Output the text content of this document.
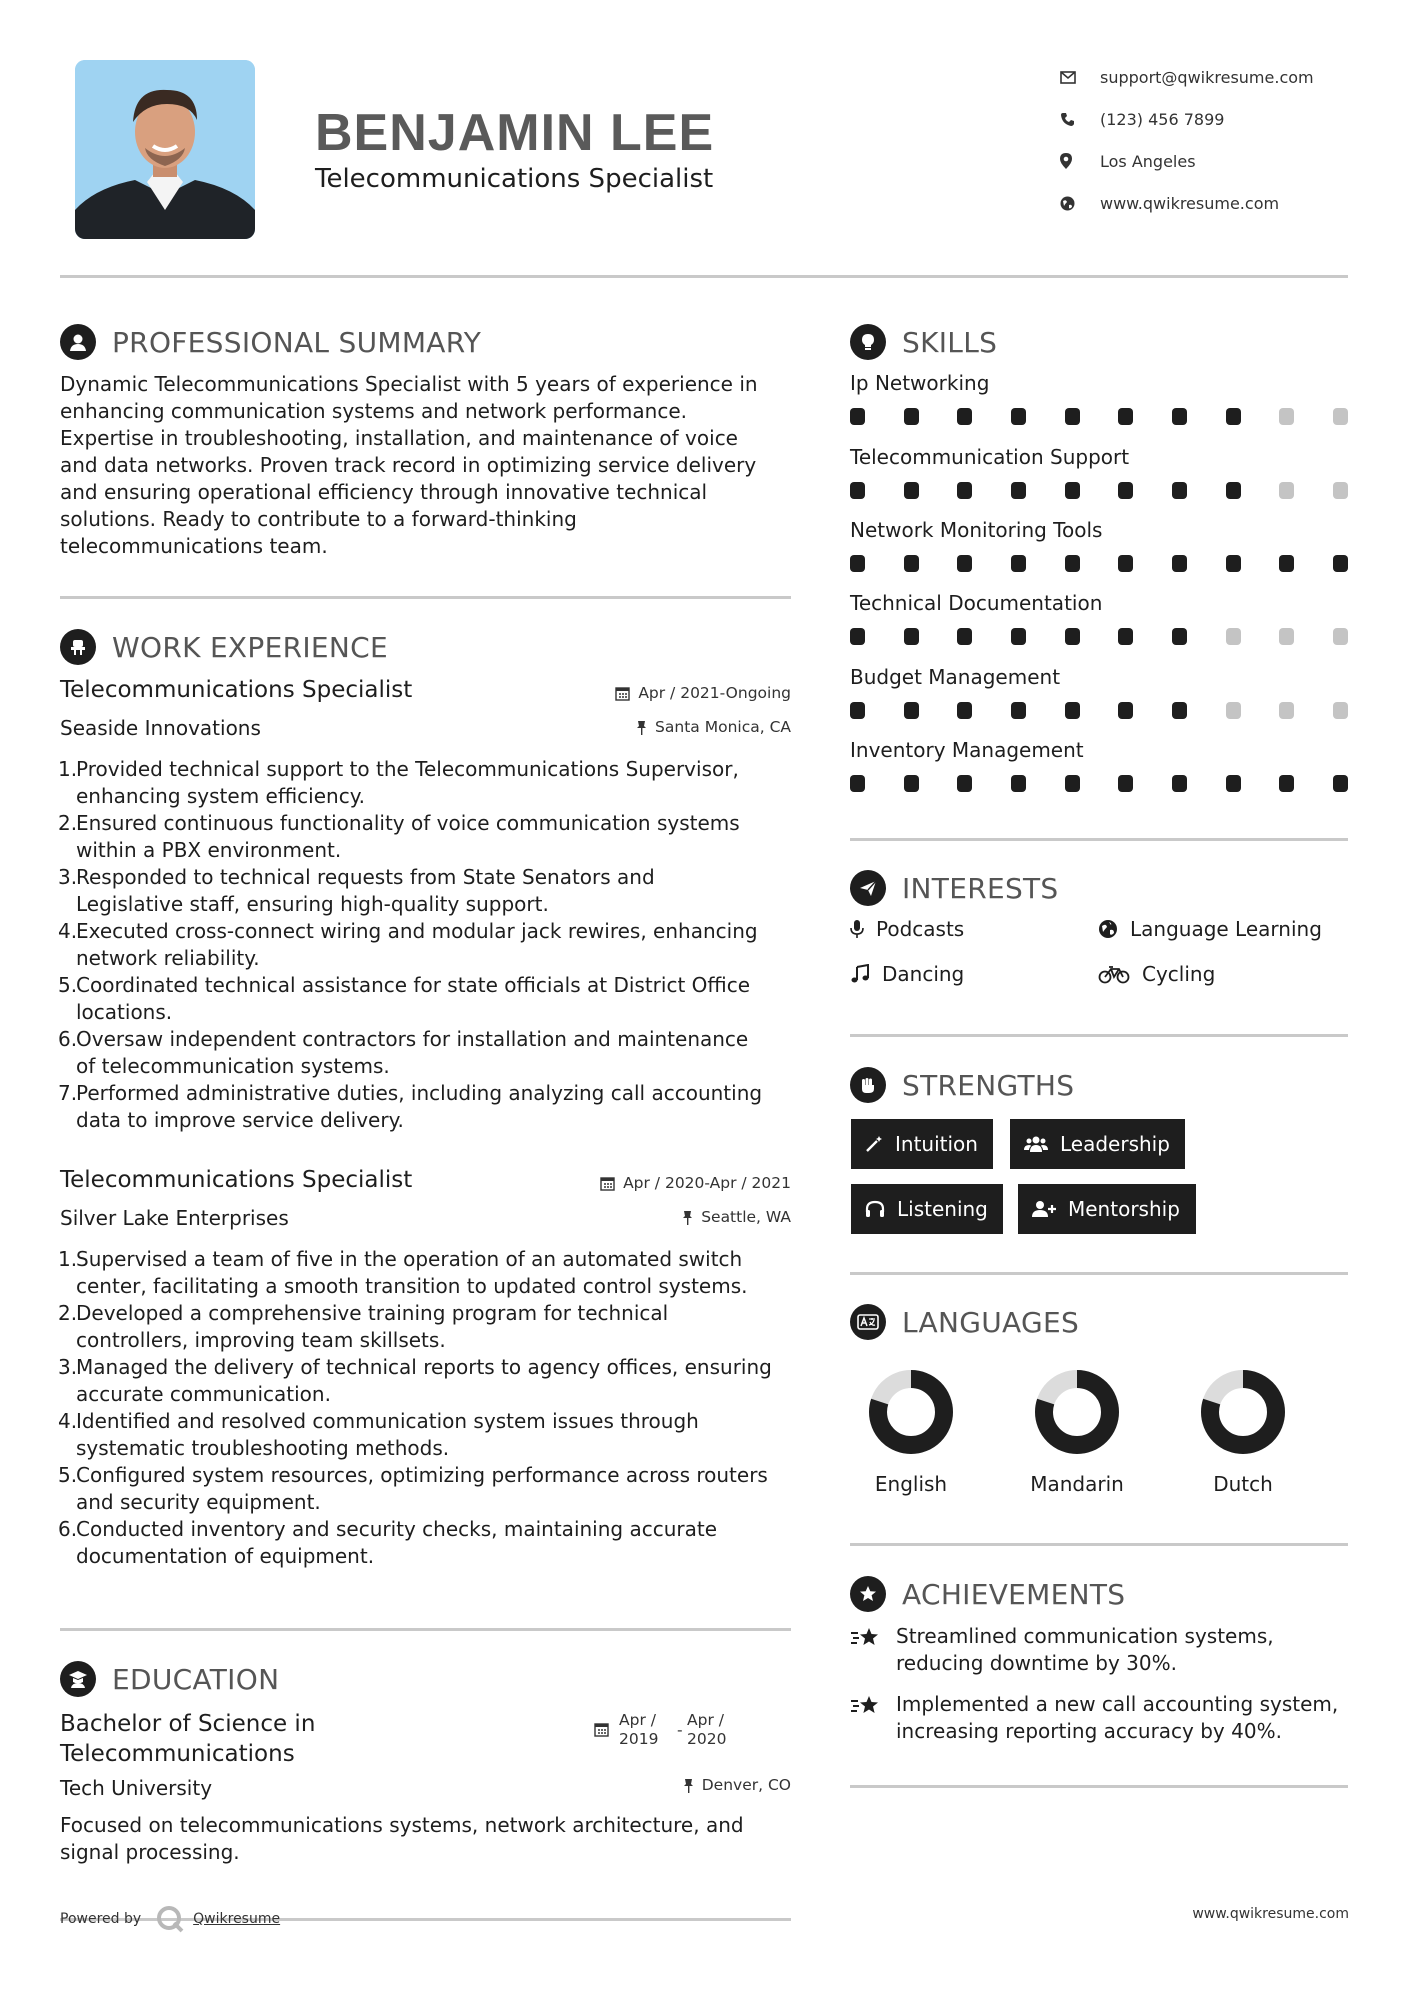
BENJAMIN LEE
Telecommunications Specialist
support@qwikresume.com
(123) 456 7899
Los Angeles
www.qwikresume.com
PROFESSIONAL SUMMARY
Dynamic Telecommunications Specialist with 5 years of experience in
enhancing communication systems and network performance.
Expertise in troubleshooting, installation, and maintenance of voice
and data networks. Proven track record in optimizing service delivery
and ensuring operational efficiency through innovative technical
solutions. Ready to contribute to a forward-thinking
telecommunications team.
WORK EXPERIENCE
Telecommunications Specialist	Apr / 2021-Ongoing
Seaside Innovations	Santa Monica, CA
1.
Provided technical support to the Telecommunications Supervisor,
enhancing system efficiency.
2.
Ensured continuous functionality of voice communication systems
within a PBX environment.
3.
Responded to technical requests from State Senators and
Legislative staff, ensuring high-quality support.
4.
Executed cross-connect wiring and modular jack rewires, enhancing
network reliability.
5.
Coordinated technical assistance for state officials at District Office
locations.
6.
Oversaw independent contractors for installation and maintenance
of telecommunication systems.
7.
Performed administrative duties, including analyzing call accounting
data to improve service delivery.
Telecommunications Specialist	Apr / 2020-Apr / 2021
Silver Lake Enterprises	Seattle, WA
1.
Supervised a team of five in the operation of an automated switch
center, facilitating a smooth transition to updated control systems.
2.
Developed a comprehensive training program for technical
controllers, improving team skillsets.
3.
Managed the delivery of technical reports to agency offices, ensuring
accurate communication.
4.
Identified and resolved communication system issues through
systematic troubleshooting methods.
5.
Configured system resources, optimizing performance across routers
and security equipment.
6.
Conducted inventory and security checks, maintaining accurate
documentation of equipment.
EDUCATION
Bachelor of Science in
Telecommunications
Apr /
2019	-
Apr /
2020
Tech University	Denver, CO
Focused on telecommunications systems, network architecture, and
signal processing.
SKILLS
Ip Networking
Telecommunication Support
Network Monitoring Tools
Technical Documentation
Budget Management
Inventory Management
INTERESTS
Podcasts	Language Learning
Dancing	Cycling
STRENGTHS
Intuition	Leadership
Listening	Mentorship
LANGUAGES
English	Mandarin	Dutch
ACHIEVEMENTS
Streamlined communication systems,
reducing downtime by 30%.
Implemented a new call accounting system,
increasing reporting accuracy by 40%.
Powered by	Qwikresume	www.qwikresume.com
